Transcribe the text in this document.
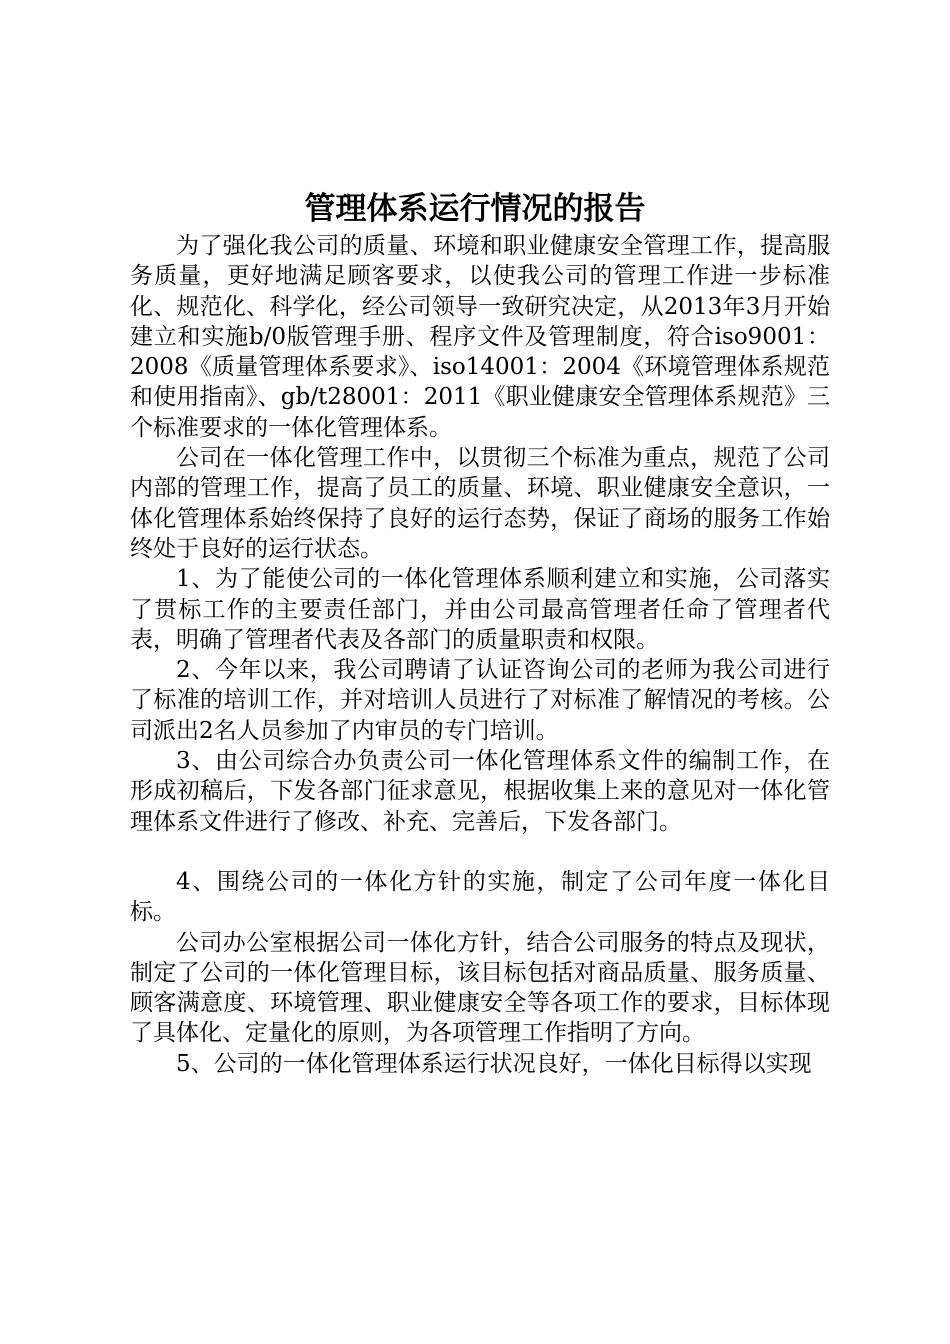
管理体系运行情况的报告

为了强化我公司的质量、环境和职业健康安全管理工作，提高服务质量，更好地满足顾客要求，以使我公司的管理工作进一步标准化、规范化、科学化，经公司领导一致研究决定，从2013年3月开始建立和实施b/0版管理手册、程序文件及管理制度，符合iso9001：2008《质量管理体系要求》、iso14001：2004《环境管理体系规范和使用指南》、gb/t28001：2011《职业健康安全管理体系规范》三个标准要求的一体化管理体系。

公司在一体化管理工作中，以贯彻三个标准为重点，规范了公司内部的管理工作，提高了员工的质量、环境、职业健康安全意识，一体化管理体系始终保持了良好的运行态势，保证了商场的服务工作始终处于良好的运行状态。

1、为了能使公司的一体化管理体系顺利建立和实施，公司落实了贯标工作的主要责任部门，并由公司最高管理者任命了管理者代表，明确了管理者代表及各部门的质量职责和权限。

2、今年以来，我公司聘请了认证咨询公司的老师为我公司进行了标准的培训工作，并对培训人员进行了对标准了解情况的考核。公司派出2名人员参加了内审员的专门培训。

3、由公司综合办负责公司一体化管理体系文件的编制工作，在形成初稿后，下发各部门征求意见，根据收集上来的意见对一体化管理体系文件进行了修改、补充、完善后，下发各部门。

4、围绕公司的一体化方针的实施，制定了公司年度一体化目标。

公司办公室根据公司一体化方针，结合公司服务的特点及现状，制定了公司的一体化管理目标，该目标包括对商品质量、服务质量、顾客满意度、环境管理、职业健康安全等各项工作的要求，目标体现了具体化、定量化的原则，为各项管理工作指明了方向。

5、公司的一体化管理体系运行状况良好，一体化目标得以实现
